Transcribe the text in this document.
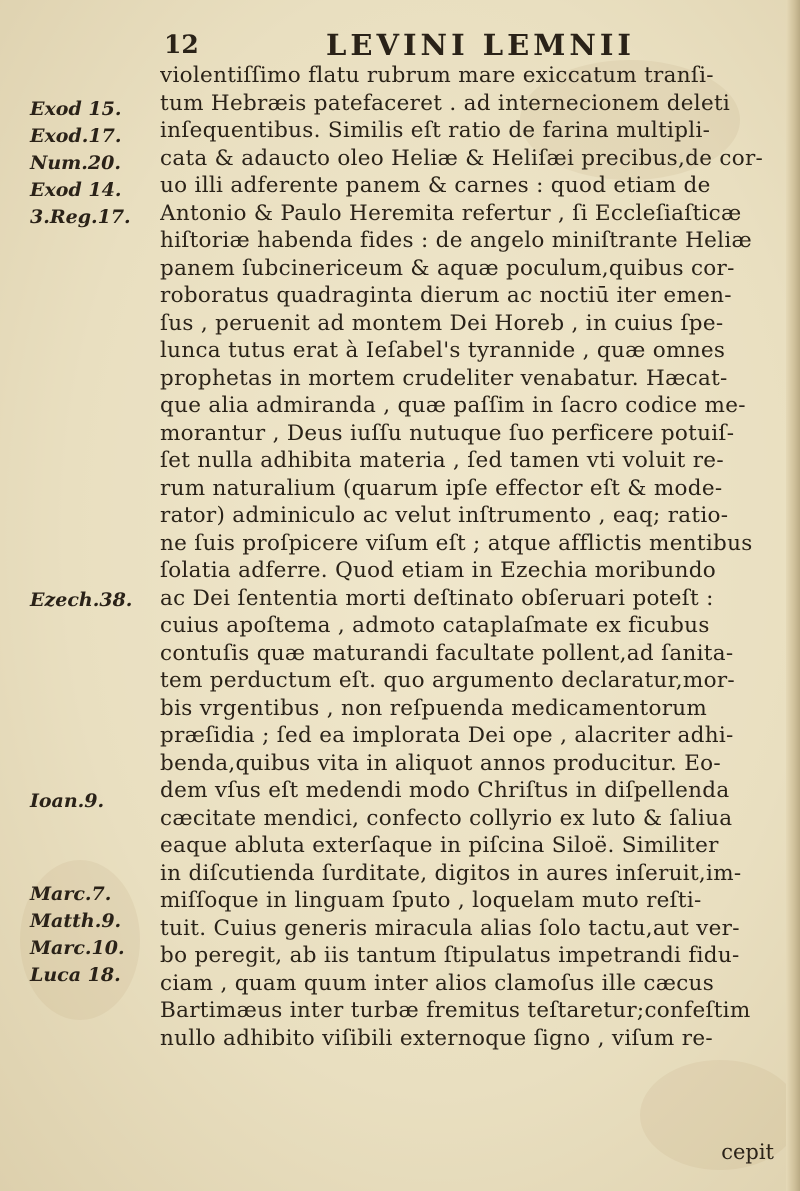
12	LEVINI LEMNII
Exod 15.
Exod.17.
Num.20.
Exod 14.
3.Reg.17.
Ezech.38.
Ioan.9.
Marc.7.
Matth.9.
Marc.10.
Luca 18.
violentiſſimo flatu rubrum mare exiccatum tranſi-
tum Hebræis patefaceret . ad internecionem deleti
inſequentibus. Similis eſt ratio de farina multipli-
cata & adaucto oleo Heliæ & Heliſæi precibus,de cor-
uo illi adferente panem & carnes : quod etiam de
Antonio & Paulo Heremita refertur , ſi Eccleſiaſticæ
hiſtoriæ habenda fides : de angelo miniſtrante Heliæ
panem ſubcinericeum & aquæ poculum,quibus cor-
roboratus quadraginta dierum ac noctiū iter emen-
ſus , peruenit ad montem Dei Horeb , in cuius ſpe-
lunca tutus erat à Ieſabel's tyrannide , quæ omnes
prophetas in mortem crudeliter venabatur. Hæcat-
que alia admiranda , quæ paſſim in ſacro codice me-
morantur , Deus iuſſu nutuque ſuo perficere potuiſ-
ſet nulla adhibita materia , ſed tamen vti voluit re-
rum naturalium (quarum ipſe effector eſt & mode-
rator) adminiculo ac velut inſtrumento , eaq; ratio-
ne ſuis proſpicere viſum eſt ; atque afflictis mentibus
ſolatia adferre. Quod etiam in Ezechia moribundo
ac Dei ſententia morti deſtinato obſeruari poteſt :
cuius apoſtema , admoto cataplaſmate ex ficubus
contuſis quæ maturandi facultate pollent,ad ſanita-
tem perductum eſt. quo argumento declaratur,mor-
bis vrgentibus , non reſpuenda medicamentorum
præſidia ; ſed ea implorata Dei ope , alacriter adhi-
benda,quibus vita in aliquot annos producitur. Eo-
dem vſus eſt medendi modo Chriſtus in diſpellenda
cæcitate mendici, confecto collyrio ex luto & ſaliua
eaque abluta exterſaque in piſcina Siloë. Similiter
in diſcutienda ſurditate, digitos in aures inſeruit,im-
miſſoque in linguam ſputo , loquelam muto reſti-
tuit. Cuius generis miracula alias ſolo tactu,aut ver-
bo peregit, ab iis tantum ſtipulatus impetrandi fidu-
ciam , quam quum inter alios clamoſus ille cæcus
Bartimæus inter turbæ fremitus teſtaretur;confeſtim
nullo adhibito viſibili externoque ſigno , viſum re-
cepit
